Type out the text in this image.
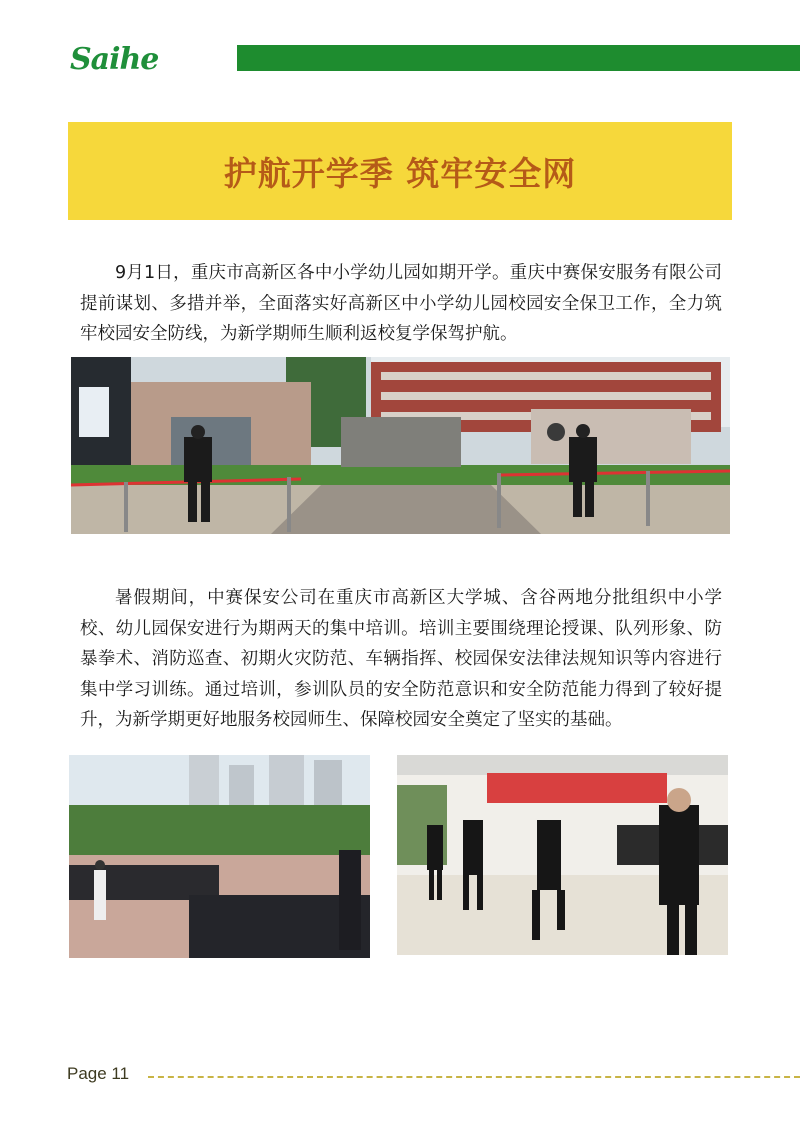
Saihe
护航开学季 筑牢安全网

9月1日，重庆市高新区各中小学幼儿园如期开学。重庆中赛保安服务有限公司提前谋划、多措并举，全面落实好高新区中小学幼儿园校园安全保卫工作，全力筑牢校园安全防线，为新学期师生顺利返校复学保驾护航。

暑假期间，中赛保安公司在重庆市高新区大学城、含谷两地分批组织中小学校、幼儿园保安进行为期两天的集中培训。培训主要围绕理论授课、队列形象、防暴拳术、消防巡查、初期火灾防范、车辆指挥、校园保安法律法规知识等内容进行集中学习训练。通过培训，参训队员的安全防范意识和安全防范能力得到了较好提升，为新学期更好地服务校园师生、保障校园安全奠定了坚实的基础。

Page 11
